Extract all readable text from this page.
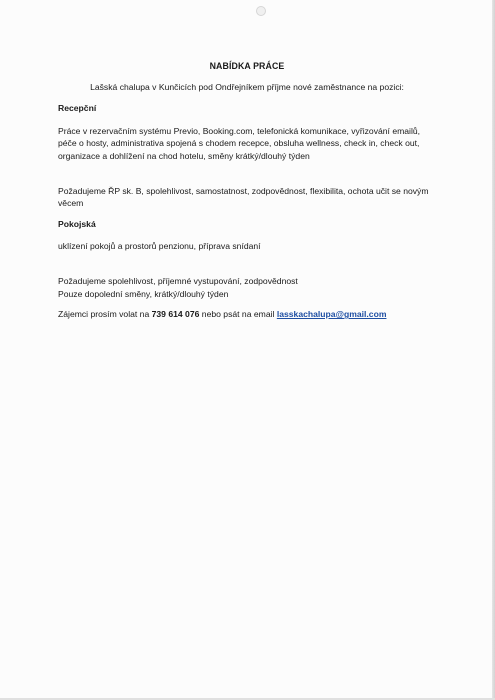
NABÍDKA PRÁCE

Lašská chalupa v Kunčicích pod Ondřejníkem příjme nové zaměstnance na pozici:

Recepční

Práce v rezervačním systému Previo, Booking.com, telefonická komunikace, vyřizování emailů, péče o hosty, administrativa spojená s chodem recepce, obsluha wellness, check in, check out, organizace a dohlížení na chod hotelu, směny krátký/dlouhý týden

Požadujeme ŘP sk. B, spolehlivost, samostatnost, zodpovědnost, flexibilita, ochota učit se novým věcem

Pokojská

uklízení pokojů a prostorů penzionu, příprava snídaní

Požadujeme spolehlivost, příjemné vystupování, zodpovědnost
Pouze dopolední směny, krátký/dlouhý týden

Zájemci prosím volat na 739 614 076 nebo psát na email lasskachalupa@gmail.com
